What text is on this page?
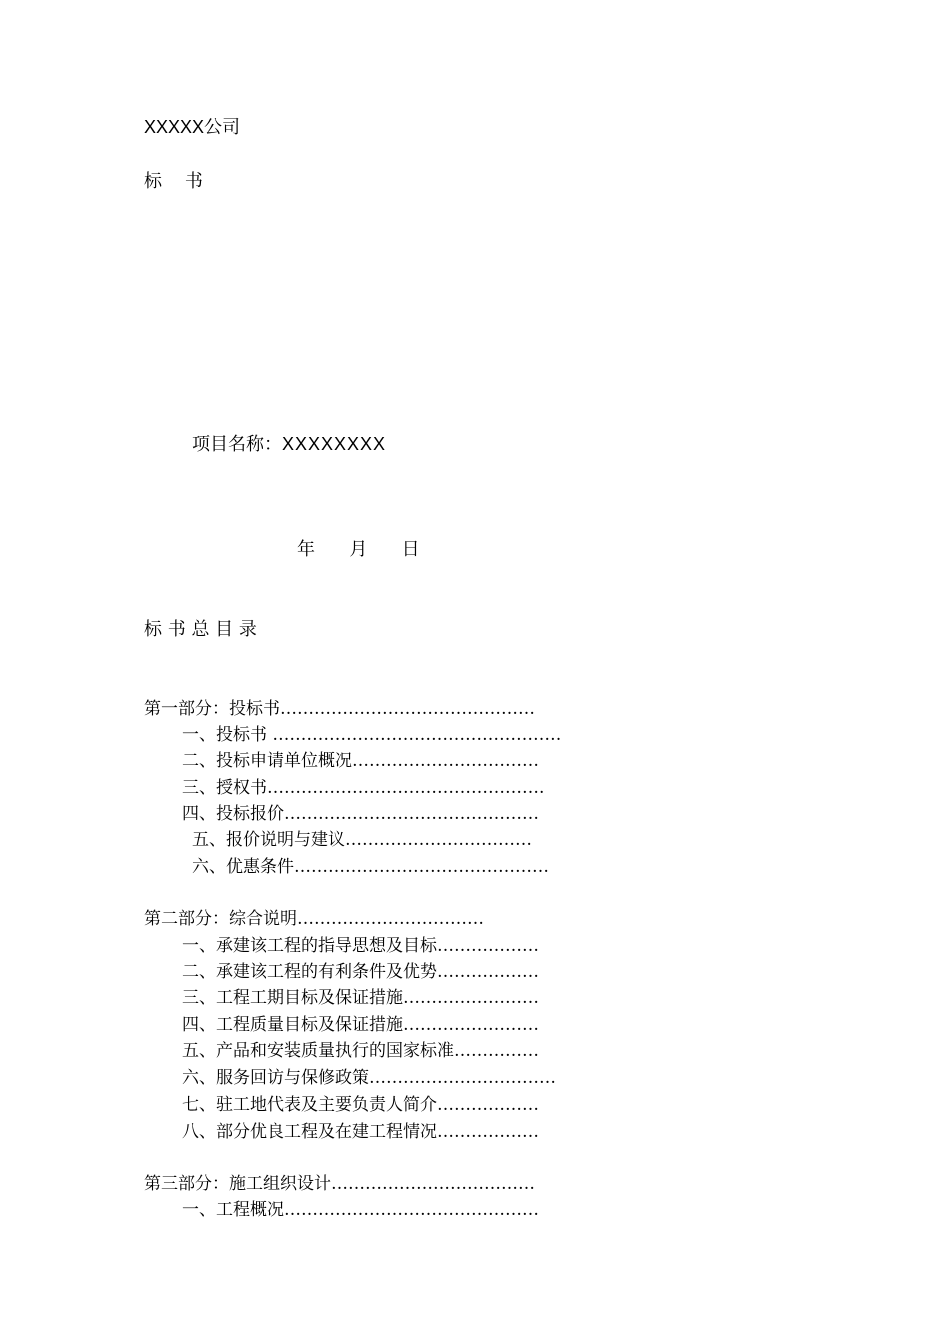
XXXXX公司
标    书
项目名称：XXXXXXXX
年      月      日
标 书 总 目 录
第一部分：投标书………………………………………
一、投标书 ……………………………………………
二、投标申请单位概况……………………………
三、授权书………………………………………….
四、投标报价………………………………………
五、报价说明与建议……………………………
六、优惠条件………………………………………
第二部分：综合说明……………………………
一、承建该工程的指导思想及目标………………
二、承建该工程的有利条件及优势………………
三、工程工期目标及保证措施……………………
四、工程质量目标及保证措施……………………
五、产品和安装质量执行的国家标准……………
六、服务回访与保修政策……………………………
七、驻工地代表及主要负责人简介………………
八、部分优良工程及在建工程情况………………
第三部分：施工组织设计………………………………
一、工程概况………………………………………
